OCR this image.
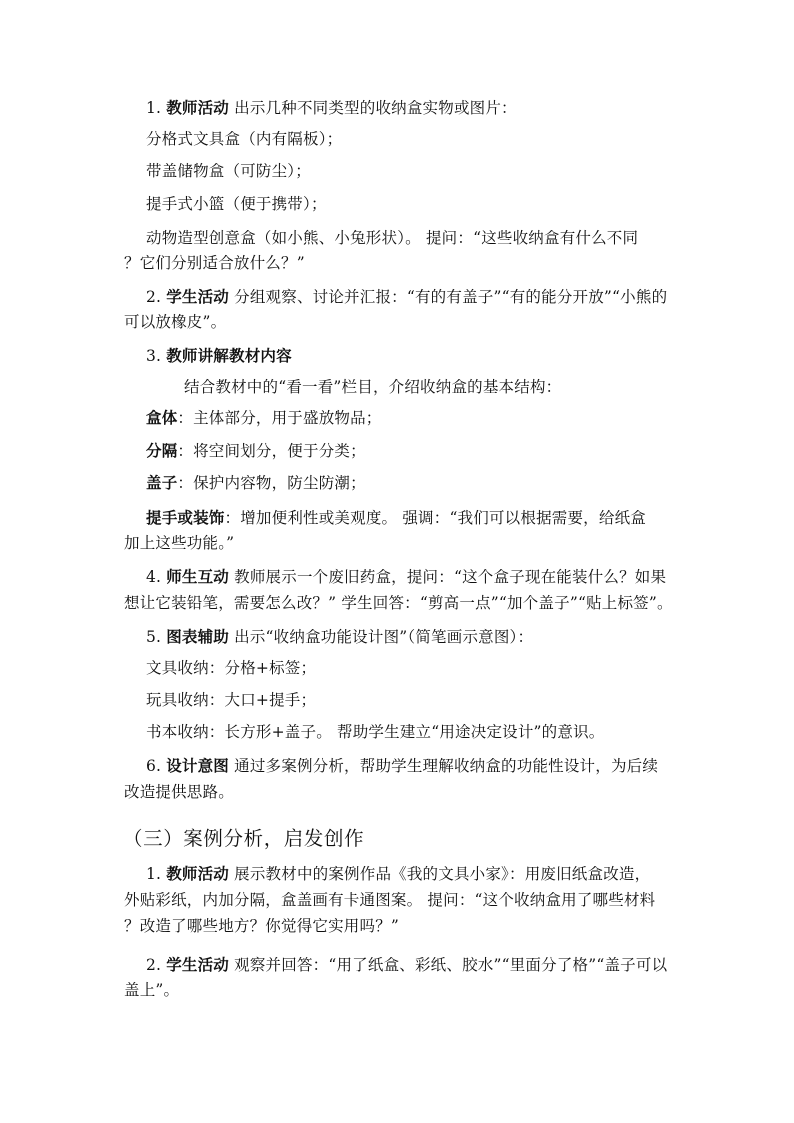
1. 教师活动 出示几种不同类型的收纳盒实物或图片：
分格式文具盒（内有隔板）；
带盖储物盒（可防尘）；
提手式小篮（便于携带）；
动物造型创意盒（如小熊、小兔形状）。 提问：“这些收纳盒有什么不同
？它们分别适合放什么？”
2. 学生活动 分组观察、讨论并汇报：“有的有盖子”“有的能分开放”“小熊的
可以放橡皮”。
3. 教师讲解教材内容
结合教材中的“看一看”栏目，介绍收纳盒的基本结构：
盒体：主体部分，用于盛放物品；
分隔：将空间划分，便于分类；
盖子：保护内容物，防尘防潮；
提手或装饰：增加便利性或美观度。 强调：“我们可以根据需要，给纸盒
加上这些功能。”
4. 师生互动 教师展示一个废旧药盒，提问：“这个盒子现在能装什么？如果
想让它装铅笔，需要怎么改？” 学生回答：“剪高一点”“加个盖子”“贴上标签”。
5. 图表辅助 出示“收纳盒功能设计图”（简笔画示意图）：
文具收纳：分格+标签；
玩具收纳：大口+提手；
书本收纳：长方形+盖子。 帮助学生建立“用途决定设计”的意识。
6. 设计意图 通过多案例分析，帮助学生理解收纳盒的功能性设计，为后续
改造提供思路。
（三）案例分析，启发创作
1. 教师活动 展示教材中的案例作品《我的文具小家》：用废旧纸盒改造，
外贴彩纸，内加分隔，盒盖画有卡通图案。 提问：“这个收纳盒用了哪些材料
？改造了哪些地方？你觉得它实用吗？”
2. 学生活动 观察并回答：“用了纸盒、彩纸、胶水”“里面分了格”“盖子可以
盖上”。
